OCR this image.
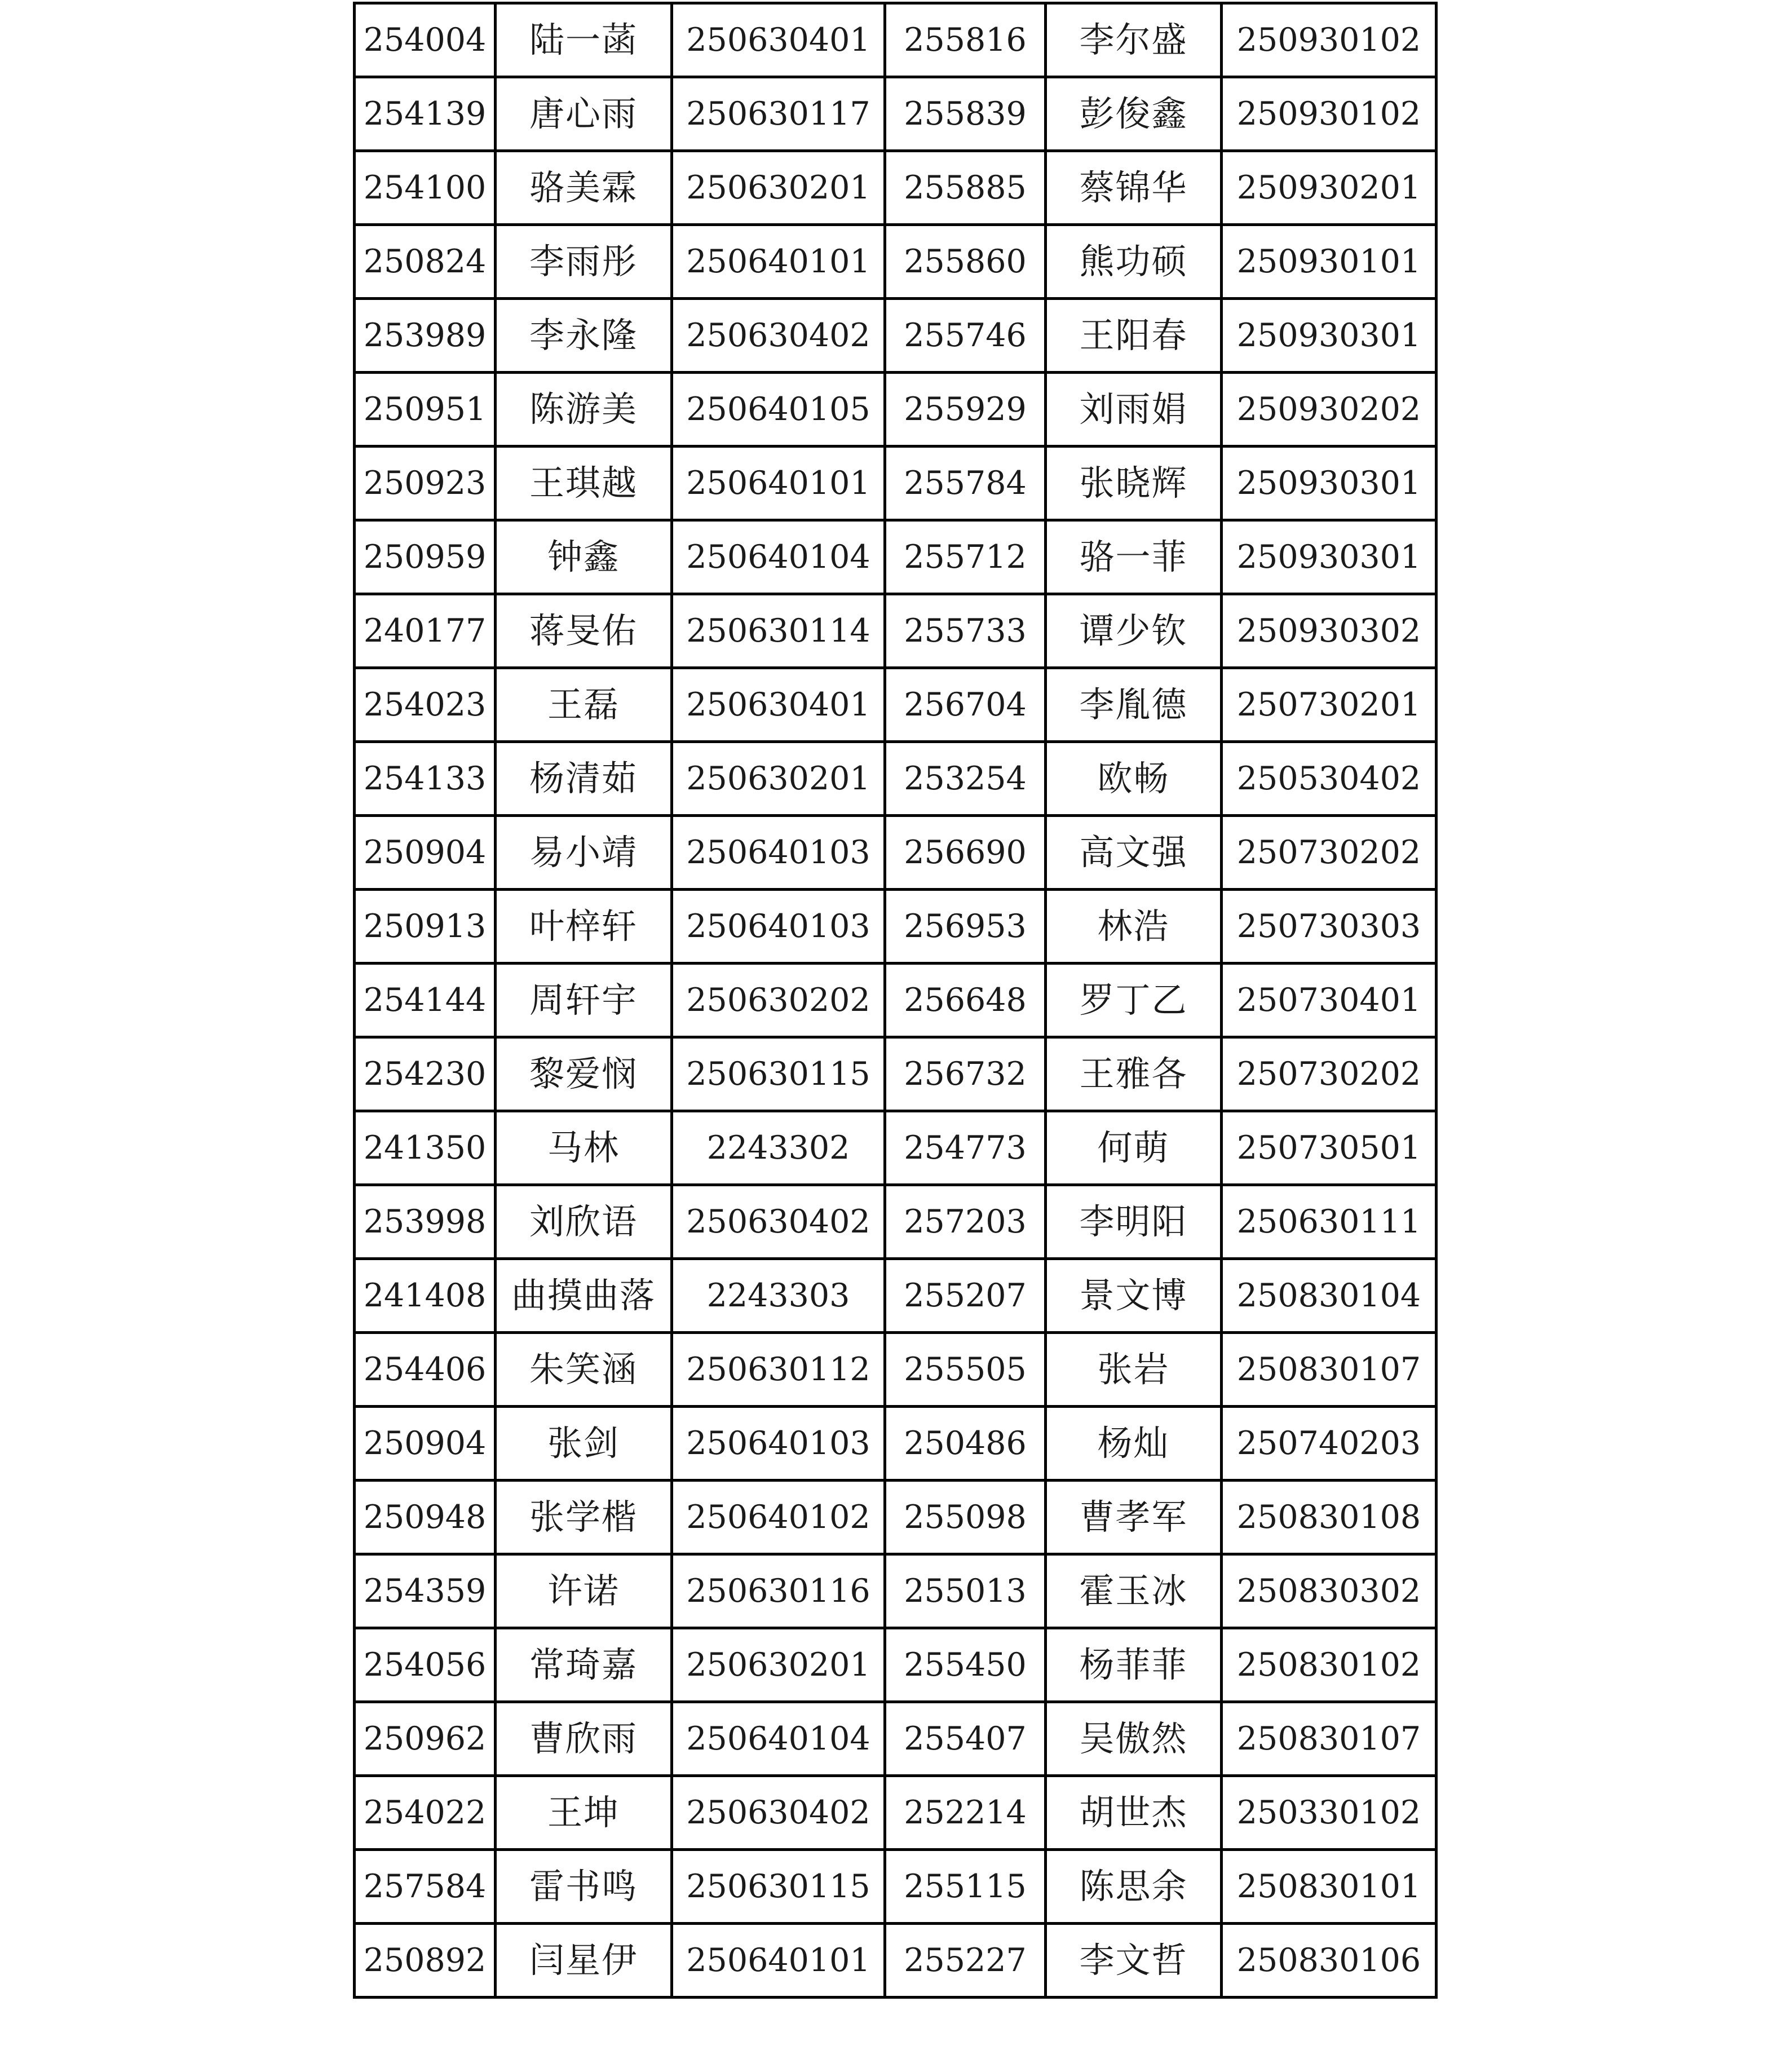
254004	陆一菡	250630401	255816	李尔盛	250930102
254139	唐心雨	250630117	255839	彭俊鑫	250930102
254100	骆美霖	250630201	255885	蔡锦华	250930201
250824	李雨彤	250640101	255860	熊功硕	250930101
253989	李永隆	250630402	255746	王阳春	250930301
250951	陈游美	250640105	255929	刘雨娟	250930202
250923	王琪越	250640101	255784	张晓辉	250930301
250959	钟鑫	250640104	255712	骆一菲	250930301
240177	蒋旻佑	250630114	255733	谭少钦	250930302
254023	王磊	250630401	256704	李胤德	250730201
254133	杨清茹	250630201	253254	欧畅	250530402
250904	易小靖	250640103	256690	高文强	250730202
250913	叶梓轩	250640103	256953	林浩	250730303
254144	周轩宇	250630202	256648	罗丁乙	250730401
254230	黎爱悯	250630115	256732	王雅各	250730202
241350	马林	2243302	254773	何萌	250730501
253998	刘欣语	250630402	257203	李明阳	250630111
241408	曲摸曲落	2243303	255207	景文博	250830104
254406	朱笑涵	250630112	255505	张岩	250830107
250904	张剑	250640103	250486	杨灿	250740203
250948	张学楷	250640102	255098	曹孝军	250830108
254359	许诺	250630116	255013	霍玉冰	250830302
254056	常琦嘉	250630201	255450	杨菲菲	250830102
250962	曹欣雨	250640104	255407	吴傲然	250830107
254022	王坤	250630402	252214	胡世杰	250330102
257584	雷书鸣	250630115	255115	陈思余	250830101
250892	闫星伊	250640101	255227	李文哲	250830106
